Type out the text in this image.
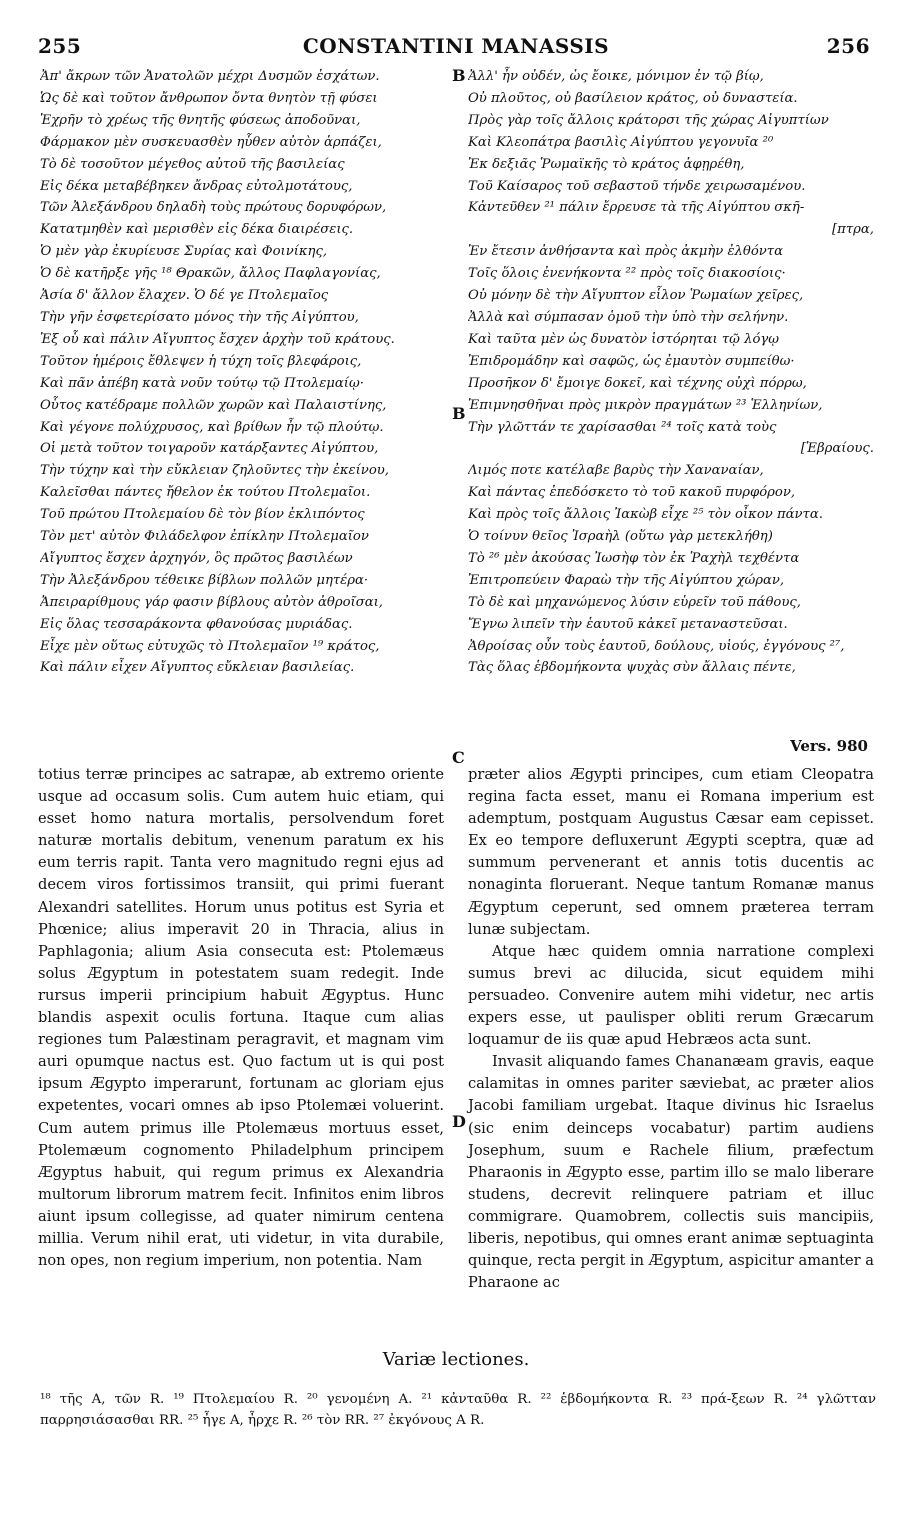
255	CONSTANTINI MANASSIS	256
Ἀπ' ἄκρων τῶν Ἀνατολῶν μέχρι Δυσμῶν ἐσχάτων.
Ὡς δὲ καὶ τοῦτον ἄνθρωπον ὄντα θνητὸν τῇ φύσει
Ἐχρῆν τὸ χρέως τῆς θνητῆς φύσεως ἀποδοῦναι,
Φάρμακον μὲν συσκευασθὲν ηὗθεν αὐτὸν ἁρπάζει,
Τὸ δὲ τοσοῦτον μέγεθος αὐτοῦ τῆς βασιλείας
Εἰς δέκα μεταβέβηκεν ἄνδρας εὐτολμοτάτους,
Τῶν Ἀλεξάνδρου δηλαδὴ τοὺς πρώτους δορυφόρων,
Κατατμηθὲν καὶ μερισθὲν εἰς δέκα διαιρέσεις.
Ὁ μὲν γὰρ ἐκυρίευσε Συρίας καὶ Φοινίκης,
Ὁ δὲ κατῆρξε γῆς ¹⁸ Θρακῶν, ἄλλος Παφλαγονίας,
Ἀσία δ' ἄλλον ἔλαχεν. Ὁ δέ γε Πτολεμαῖος
Τὴν γῆν ἐσφετερίσατο μόνος τὴν τῆς Αἰγύπτου,
Ἐξ οὗ καὶ πάλιν Αἴγυπτος ἔσχεν ἀρχὴν τοῦ κράτους.
Τοῦτον ἡμέροις ἔθλεψεν ἡ τύχη τοῖς βλεφάροις,
Καὶ πᾶν ἀπέβη κατὰ νοῦν τούτῳ τῷ Πτολεμαίῳ·
Οὗτος κατέδραμε πολλῶν χωρῶν καὶ Παλαιστίνης,
Καὶ γέγονε πολύχρυσος, καὶ βρίθων ἦν τῷ πλούτῳ.
Οἱ μετὰ τοῦτον τοιγαροῦν κατάρξαντες Αἰγύπτου,
Τὴν τύχην καὶ τὴν εὔκλειαν ζηλοῦντες τὴν ἐκείνου,
Καλεῖσθαι πάντες ἤθελον ἐκ τούτου Πτολεμαῖοι.
Τοῦ πρώτου Πτολεμαίου δὲ τὸν βίον ἐκλιπόντος
Τὸν μετ' αὐτὸν Φιλάδελφον ἐπίκλην Πτολεμαῖον
Αἴγυπτος ἔσχεν ἀρχηγόν, ὃς πρῶτος βασιλέων
Τὴν Ἀλεξάνδρου τέθεικε βίβλων πολλῶν μητέρα·
Ἀπειραρίθμους γάρ φασιν βίβλους αὐτὸν ἀθροῖσαι,
Εἰς ὅλας τεσσαράκοντα φθανούσας μυριάδας.
Εἶχε μὲν οὕτως εὐτυχῶς τὸ Πτολεμαῖον ¹⁹ κράτος,
Καὶ πάλιν εἶχεν Αἴγυπτος εὔκλειαν βασιλείας.
Ἀλλ' ἦν οὐδέν, ὡς ἔοικε, μόνιμον ἐν τῷ βίῳ,
Οὐ πλοῦτος, οὐ βασίλειον κράτος, οὐ δυναστεία.
Πρὸς γὰρ τοῖς ἄλλοις κράτορσι τῆς χώρας Αἰγυπτίων
Καὶ Κλεοπάτρα βασιλὶς Αἰγύπτου γεγονυῖα ²⁰
Ἐκ δεξιᾶς Ῥωμαϊκῆς τὸ κράτος ἀφῃρέθη,
Τοῦ Καίσαρος τοῦ σεβαστοῦ τήνδε χειρωσαμένου.
Κἀντεῦθεν ²¹ πάλιν ἔρρευσε τὰ τῆς Αἰγύπτου σκῆ-
[πτρα,
Ἐν ἔτεσιν ἀνθήσαντα καὶ πρὸς ἀκμὴν ἐλθόντα
Τοῖς ὅλοις ἐνενήκοντα ²² πρὸς τοῖς διακοσίοις·
Οὐ μόνην δὲ τὴν Αἴγυπτον εἷλον Ῥωμαίων χεῖρες,
Ἀλλὰ καὶ σύμπασαν ὁμοῦ τὴν ὑπὸ τὴν σελήνην.
Καὶ ταῦτα μὲν ὡς δυνατὸν ἱστόρηται τῷ λόγῳ
Ἐπιδρομάδην καὶ σαφῶς, ὡς ἐμαυτὸν συμπείθω·
Προσῆκον δ' ἔμοιγε δοκεῖ, καὶ τέχνης οὐχὶ πόρρω,
Ἐπιμνησθῆναι πρὸς μικρὸν πραγμάτων ²³ Ἑλληνίων,
Τὴν γλῶττάν τε χαρίσασθαι ²⁴ τοῖς κατὰ τοὺς
[Ἑβραίους.
Λιμός ποτε κατέλαβε βαρὺς τὴν Χαναναίαν,
Καὶ πάντας ἐπεδόσκετο τὸ τοῦ κακοῦ πυρφόρον,
Καὶ πρὸς τοῖς ἄλλοις Ἰακὼβ εἶχε ²⁵ τὸν οἶκον πάντα.
Ὁ τοίνυν θεῖος Ἰσραὴλ (οὕτω γὰρ μετεκλήθη)
Τὸ ²⁶ μὲν ἀκούσας Ἰωσὴφ τὸν ἐκ Ῥαχὴλ τεχθέντα
Ἐπιτροπεύειν Φαραὼ τὴν τῆς Αἰγύπτου χώραν,
Τὸ δὲ καὶ μηχανώμενος λύσιν εὑρεῖν τοῦ πάθους,
Ἔγνω λιπεῖν τὴν ἑαυτοῦ κἀκεῖ μεταναστεῦσαι.
Ἀθροίσας οὖν τοὺς ἑαυτοῦ, δούλους, υἱούς, ἐγγόνους ²⁷,
Τὰς ὅλας ἑβδομήκοντα ψυχὰς σὺν ἄλλαις πέντε,
B
B
C
D
Vers. 980

totius terræ principes ac satrapæ, ab extremo oriente usque ad occasum solis. Cum autem huic etiam, qui esset homo natura mortalis, persolvendum foret naturæ mortalis debitum, venenum paratum ex his eum terris rapit. Tanta vero magnitudo regni ejus ad decem viros fortissimos transiit, qui primi fuerant Alexandri satellites. Horum unus potitus est Syria et Phœnice; alius imperavit 20 in Thracia, alius in Paphlagonia; alium Asia consecuta est: Ptolemæus solus Ægyptum in potestatem suam redegit. Inde rursus imperii principium habuit Ægyptus. Hunc blandis aspexit oculis fortuna. Itaque cum alias regiones tum Palæstinam peragravit, et magnam vim auri opumque nactus est. Quo factum ut is qui post ipsum Ægypto imperarunt, fortunam ac gloriam ejus expetentes, vocari omnes ab ipso Ptolemæi voluerint. Cum autem primus ille Ptolemæus mortuus esset, Ptolemæum cognomento Philadelphum principem Ægyptus habuit, qui regum primus ex Alexandria multorum librorum matrem fecit. Infinitos enim libros aiunt ipsum collegisse, ad quater nimirum centena millia. Verum nihil erat, uti videtur, in vita durabile, non opes, non regium imperium, non potentia. Nam

præter alios Ægypti principes, cum etiam Cleopatra regina facta esset, manu ei Romana imperium est ademptum, postquam Augustus Cæsar eam cepisset. Ex eo tempore defluxerunt Ægypti sceptra, quæ ad summum pervenerant et annis totis ducentis ac nonaginta floruerant. Neque tantum Romanæ manus Ægyptum ceperunt, sed omnem præterea terram lunæ subjectam.

Atque hæc quidem omnia narratione complexi sumus brevi ac dilucida, sicut equidem mihi persuadeo. Convenire autem mihi videtur, nec artis expers esse, ut paulisper obliti rerum Græcarum loquamur de iis quæ apud Hebræos acta sunt.

Invasit aliquando fames Chananæam gravis, eaque calamitas in omnes pariter sæviebat, ac præter alios Jacobi familiam urgebat. Itaque divinus hic Israelus (sic enim deinceps vocabatur) partim audiens Josephum, suum e Rachele filium, præfectum Pharaonis in Ægypto esse, partim illo se malo liberare studens, decrevit relinquere patriam et illuc commigrare. Quamobrem, collectis suis mancipiis, liberis, nepotibus, qui omnes erant animæ septuaginta quinque, recta pergit in Ægyptum, aspicitur amanter a Pharaone ac

Variæ lectiones.
¹⁸ τῆς A, τῶν R. ¹⁹ Πτολεμαίου R. ²⁰ γενομένη A. ²¹ κἀνταῦθα R. ²² ἑβδομήκοντα R. ²³ πρά-ξεων R. ²⁴ γλῶτταν παρρησιάσασθαι RR. ²⁵ ἦγε A, ἦρχε R. ²⁶ τὸν RR. ²⁷ ἐκγόνους A R.
